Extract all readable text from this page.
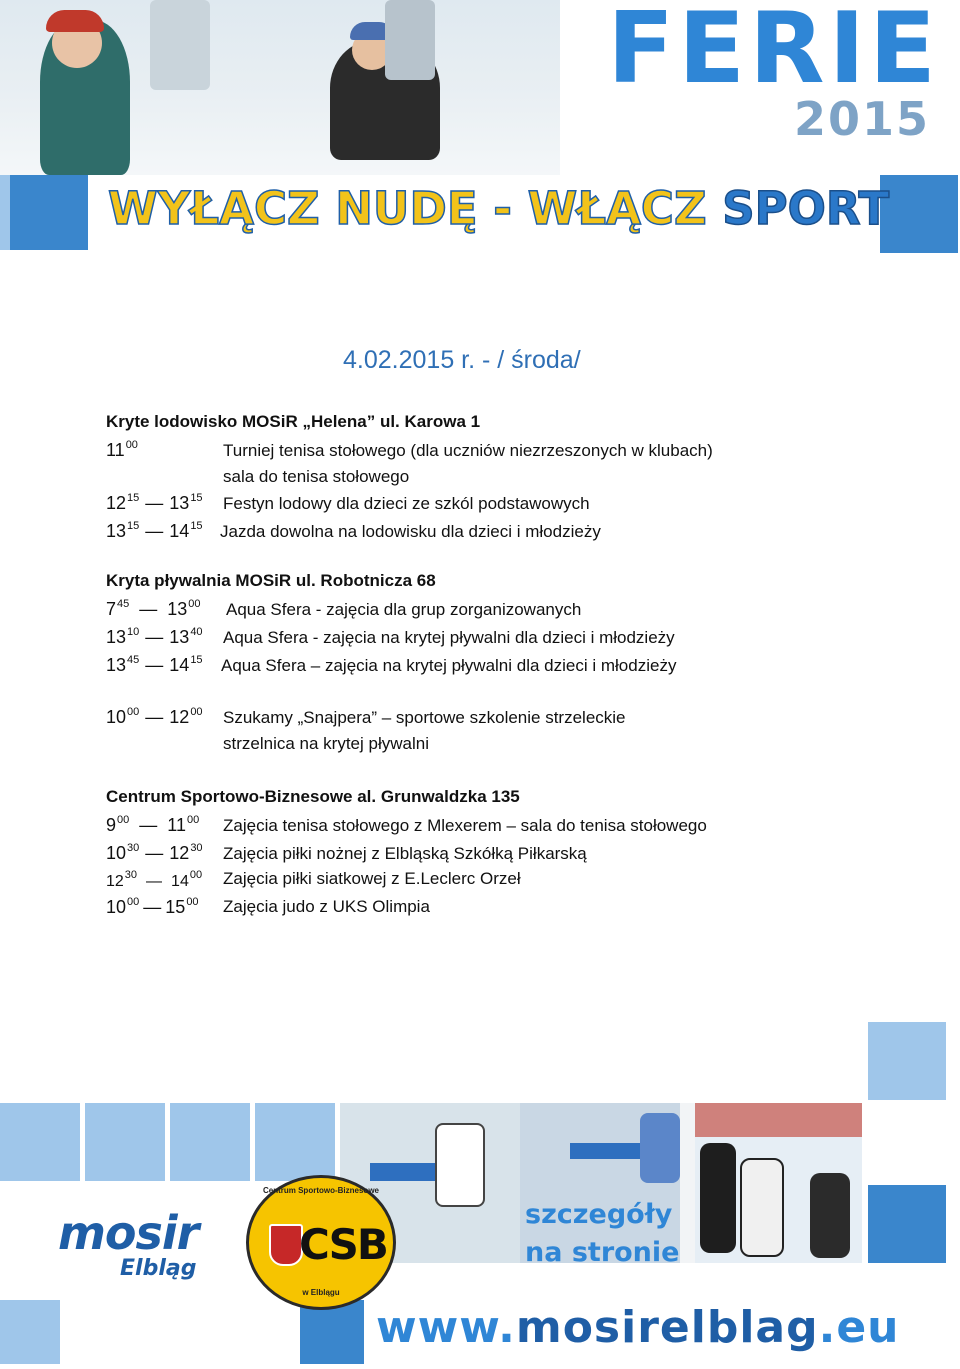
FERIE
2015
WYŁĄCZ NUDĘ - WŁĄCZ SPORT
4.02.2015 r. - / środa/
Kryte lodowisko MOSiR „Helena” ul. Karowa 1
$11^{00}$	Turniej tenisa stołowego (dla uczniów niezrzeszonych w klubach)
sala do tenisa stołowego
$12^{15}$ — $13^{15}$ Festyn lodowy dla dzieci ze szkól podstawowych
$13^{15}$ — $14^{15}$ Jazda dowolna na lodowisku dla dzieci i młodzieży
Kryta pływalnia MOSiR ul. Robotnicza 68
$7^{45}$ — $13^{00}$ Aqua Sfera - zajęcia dla grup zorganizowanych
$13^{10}$ — $13^{40}$ Aqua Sfera - zajęcia na krytej pływalni dla dzieci i młodzieży
$13^{45}$ — $14^{15}$ Aqua Sfera – zajęcia na krytej pływalni dla dzieci i młodzieży
$10^{00}$ — $12^{00}$ Szukamy „Snajpera” – sportowe szkolenie strzeleckie
strzelnica na krytej pływalni
Centrum Sportowo-Biznesowe al. Grunwaldzka 135
$9^{00}$ — $11^{00}$ Zajęcia tenisa stołowego z Mlexerem – sala do tenisa stołowego
$10^{30}$ — $12^{30}$ Zajęcia piłki nożnej z Elbląską Szkółką Piłkarską
$12^{30}$ — $14^{00}$ Zajęcia piłki siatkowej z E.Leclerc Orzeł
$10^{00}$ — $15^{00}$ Zajęcia judo z UKS Olimpia
mosir
Elbląg
Centrum Sportowo-Biznesowe
CSB
w Elblągu
szczegóły
na stronie
www.mosirelblag.eu
